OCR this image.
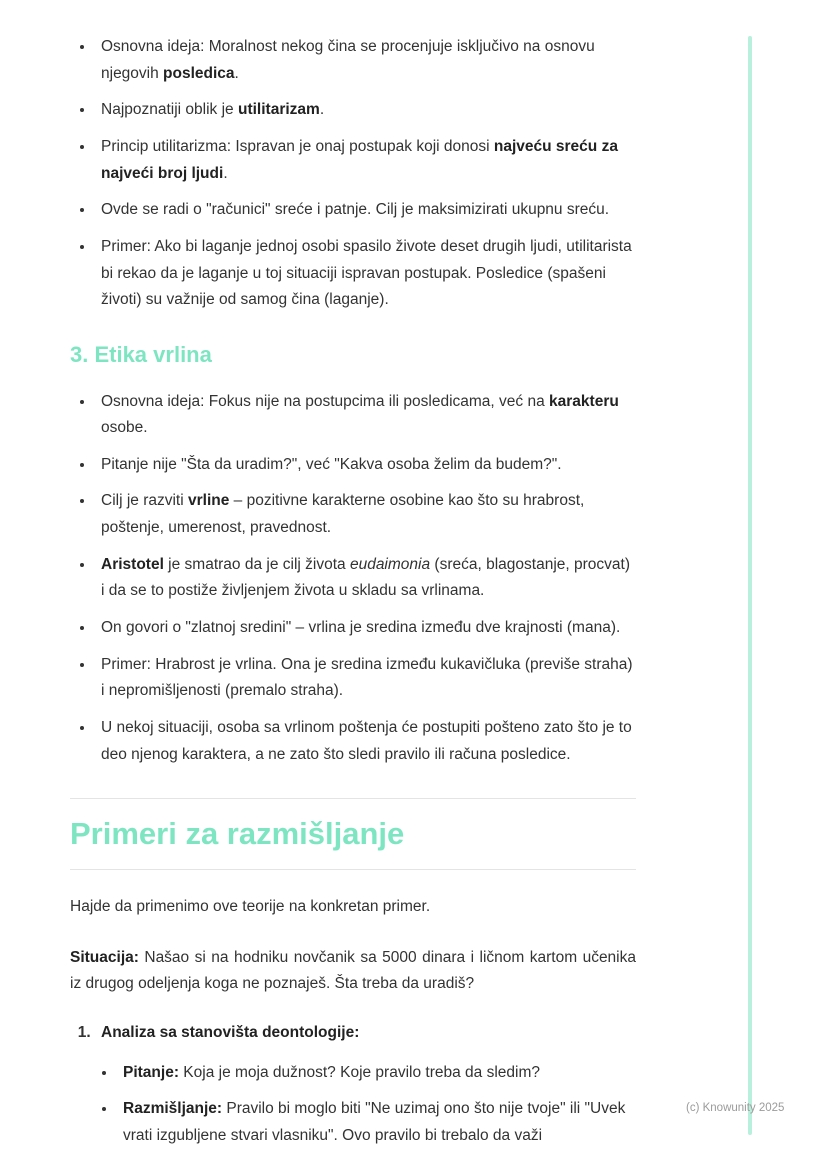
• Osnovna ideja: Moralnost nekog čina se procenjuje isključivo na osnovu njegovih posledica.
• Najpoznatiji oblik je utilitarizam.
• Princip utilitarizma: Ispravan je onaj postupak koji donosi najveću sreću za najveći broj ljudi.
• Ovde se radi o "računici" sreće i patnje. Cilj je maksimizirati ukupnu sreću.
• Primer: Ako bi laganje jednoj osobi spasilo živote deset drugih ljudi, utilitarista bi rekao da je laganje u toj situaciji ispravan postupak. Posledice (spašeni životi) su važnije od samog čina (laganje).
3. Etika vrlina
• Osnovna ideja: Fokus nije na postupcima ili posledicama, već na karakteru osobe.
• Pitanje nije "Šta da uradim?", već "Kakva osoba želim da budem?".
• Cilj je razviti vrline – pozitivne karakterne osobine kao što su hrabrost, poštenje, umerenost, pravednost.
• Aristotel je smatrao da je cilj života eudaimonia (sreća, blagostanje, procvat) i da se to postiže življenjem života u skladu sa vrlinama.
• On govori o "zlatnoj sredini" – vrlina je sredina između dve krajnosti (mana).
• Primer: Hrabrost je vrlina. Ona je sredina između kukavičluka (previše straha) i nepromišljenosti (premalo straha).
• U nekoj situaciji, osoba sa vrlinom poštenja će postupiti pošteno zato što je to deo njenog karaktera, a ne zato što sledi pravilo ili računa posledice.
Primeri za razmišljanje

Hajde da primenimo ove teorije na konkretan primer.

Situacija: Našao si na hodniku novčanik sa 5000 dinara i ličnom kartom učenika iz drugog odeljenja koga ne poznaješ. Šta treba da uradiš?

1. Analiza sa stanovišta deontologije:
• Pitanje: Koja je moja dužnost? Koje pravilo treba da sledim?
• Razmišljanje: Pravilo bi moglo biti "Ne uzimaj ono što nije tvoje" ili "Uvek vrati izgubljene stvari vlasniku". Ovo pravilo bi trebalo da važi
(c) Knowunity 2025
